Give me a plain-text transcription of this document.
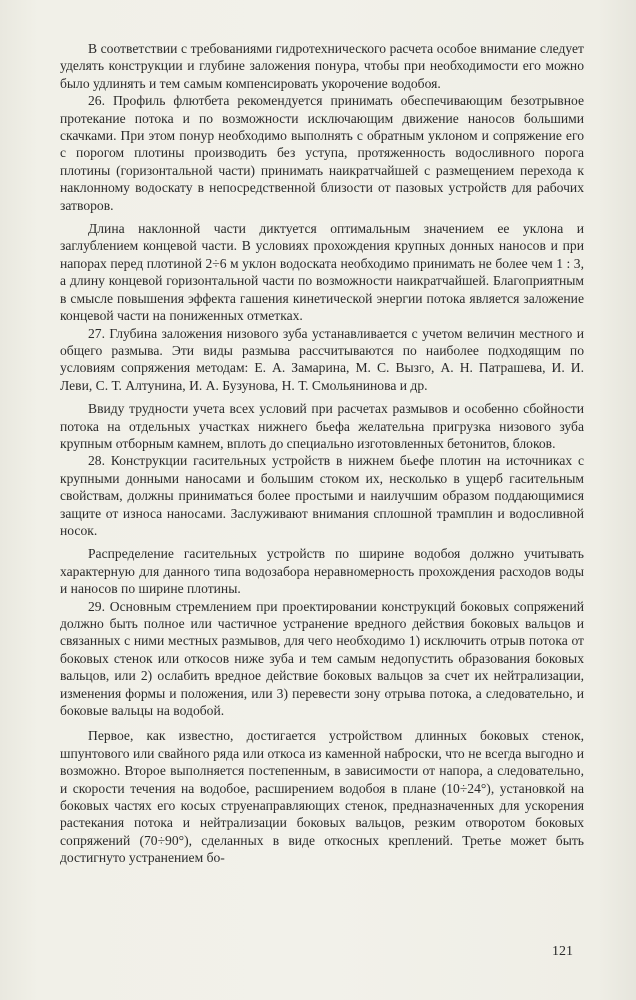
В соответствии с требованиями гидротехнического расчета особое внимание следует уделять конструкции и глубине заложения понура, чтобы при необходимости его можно было удлинять и тем самым компенсировать укорочение водобоя.

26. Профиль флютбета рекомендуется принимать обеспечивающим безотрывное протекание потока и по возможности исключающим движение наносов большими скачками. При этом понур необходимо выполнять с обратным уклоном и сопряжение его с порогом плотины производить без уступа, протяженность водосливного порога плотины (горизонтальной части) принимать наикратчайшей с размещением перехода к наклонному водоскату в непосредственной близости от пазовых устройств для рабочих затворов.

Длина наклонной части диктуется оптимальным значением ее уклона и заглублением концевой части. В условиях прохождения крупных донных наносов и при напорах перед плотиной 2÷6 м уклон водоската необходимо принимать не более чем 1 : 3, а длину концевой горизонтальной части по возможности наикратчайшей. Благоприятным в смысле повышения эффекта гашения кинетической энергии потока является заложение концевой части на пониженных отметках.

27. Глубина заложения низового зуба устанавливается с учетом величин местного и общего размыва. Эти виды размыва рассчитываются по наиболее подходящим по условиям сопряжения методам: Е. А. Замарина, М. С. Вызго, А. Н. Патрашева, И. И. Леви, С. Т. Алтунина, И. А. Бузунова, Н. Т. Смольянинова и др.

Ввиду трудности учета всех условий при расчетах размывов и особенно сбойности потока на отдельных участках нижнего бьефа желательна пригрузка низового зуба крупным отборным камнем, вплоть до специально изготовленных бетонитов, блоков.

28. Конструкции гасительных устройств в нижнем бьефе плотин на источниках с крупными донными наносами и большим стоком их, несколько в ущерб гасительным свойствам, должны приниматься более простыми и наилучшим образом поддающимися защите от износа наносами. Заслуживают внимания сплошной трамплин и водосливной носок.

Распределение гасительных устройств по ширине водобоя должно учитывать характерную для данного типа водозабора неравномерность прохождения расходов воды и наносов по ширине плотины.

29. Основным стремлением при проектировании конструкций боковых сопряжений должно быть полное или частичное устранение вредного действия боковых вальцов и связанных с ними местных размывов, для чего необходимо 1) исключить отрыв потока от боковых стенок или откосов ниже зуба и тем самым недопустить образования боковых вальцов, или 2) ослабить вредное действие боковых вальцов за счет их нейтрализации, изменения формы и положения, или 3) перевести зону отрыва потока, а следовательно, и боковые вальцы на водобой.

Первое, как известно, достигается устройством длинных боковых стенок, шпунтового или свайного ряда или откоса из каменной наброски, что не всегда выгодно и возможно. Второе выполняется постепенным, в зависимости от напора, а следовательно, и скорости течения на водобое, расширением водобоя в плане (10÷24°), установкой на боковых частях его косых струенаправляющих стенок, предназначенных для ускорения растекания потока и нейтрализации боковых вальцов, резким отворотом боковых сопряжений (70÷90°), сделанных в виде откосных креплений. Третье может быть достигнуто устранением бо-

121
